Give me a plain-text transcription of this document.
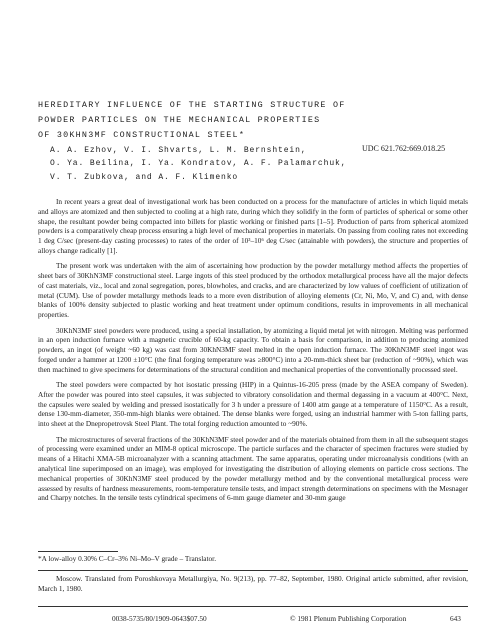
HEREDITARY INFLUENCE OF THE STARTING STRUCTURE OF
POWDER PARTICLES ON THE MECHANICAL PROPERTIES
OF 30KHN3MF CONSTRUCTIONAL STEEL*
A. A. Ezhov, V. I. Shvarts, L. M. Bernshtein,
O. Ya. Beilina, I. Ya. Kondratov, A. F. Palamarchuk,
V. T. Zubkova, and A. F. Klimenko
UDC 621.762:669.018.25

In recent years a great deal of investigational work has been conducted on a process for the manufacture of articles in which liquid metals and alloys are atomized and then subjected to cooling at a high rate, during which they solidify in the form of particles of spherical or some other shape, the resultant powder being compacted into billets for plastic working or finished parts [1–5]. Production of parts from spherical atomized powders is a comparatively cheap process ensuring a high level of mechanical properties in materials. On passing from cooling rates not exceeding 1 deg C/sec (present-day casting processes) to rates of the order of 10³–10⁶ deg C/sec (attainable with powders), the structure and properties of alloys change radically [1].

The present work was undertaken with the aim of ascertaining how production by the powder metallurgy method affects the properties of sheet bars of 30KhN3MF constructional steel. Large ingots of this steel produced by the orthodox metallurgical process have all the major defects of cast materials, viz., local and zonal segregation, pores, blowholes, and cracks, and are characterized by low values of coefficient of utilization of metal (CUM). Use of powder metallurgy methods leads to a more even distribution of alloying elements (Cr, Ni, Mo, V, and C) and, with dense blanks of 100% density subjected to plastic working and heat treatment under optimum conditions, results in improvements in all mechanical properties.

30KhN3MF steel powders were produced, using a special installation, by atomizing a liquid metal jet with nitrogen. Melting was performed in an open induction furnace with a magnetic crucible of 60-kg capacity. To obtain a basis for comparison, in addition to producing atomized powders, an ingot (of weight ~60 kg) was cast from 30KhN3MF steel melted in the open induction furnace. The 30KhN3MF steel ingot was forged under a hammer at 1200 ±10°C (the final forging temperature was ≥800°C) into a 20-mm-thick sheet bar (reduction of ~90%), which was then machined to give specimens for determinations of the structural condition and mechanical properties of the conventionally processed steel.

The steel powders were compacted by hot isostatic pressing (HIP) in a Quintus-16-205 press (made by the ASEA company of Sweden). After the powder was poured into steel capsules, it was subjected to vibratory consolidation and thermal degassing in a vacuum at 400°C. Next, the capsules were sealed by welding and pressed isostatically for 3 h under a pressure of 1400 atm gauge at a temperature of 1150°C. As a result, dense 130-mm-diameter, 350-mm-high blanks were obtained. The dense blanks were forged, using an industrial hammer with 5-ton falling parts, into sheet at the Dnepropetrovsk Steel Plant. The total forging reduction amounted to ~90%.

The microstructures of several fractions of the 30KhN3MF steel powder and of the materials obtained from them in all the subsequent stages of processing were examined under an MIM-8 optical microscope. The particle surfaces and the character of specimen fractures were studied by means of a Hitachi XMA-5B microanalyzer with a scanning attachment. The same apparatus, operating under microanalysis conditions (with an analytical line superimposed on an image), was employed for investigating the distribution of alloying elements on particle cross sections. The mechanical properties of 30KhN3MF steel produced by the powder metallurgy method and by the conventional metallurgical process were assessed by results of hardness measurements, room-temperature tensile tests, and impact strength determinations on specimens with the Mesnager and Charpy notches. In the tensile tests cylindrical specimens of 6-mm gauge diameter and 30-mm gauge

*A low-alloy 0.30% C–Cr–3% Ni–Mo–V grade – Translator.
Moscow. Translated from Poroshkovaya Metallurgiya, No. 9(213), pp. 77–82, September, 1980. Original article submitted, after revision, March 1, 1980.
0038-5735/80/1909-0643$07.50	© 1981 Plenum Publishing Corporation	643
